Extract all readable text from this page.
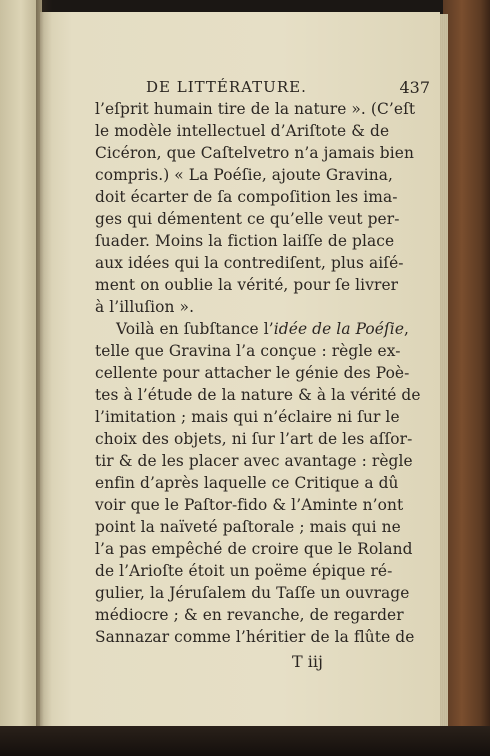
DE LITTÉRATURE.	437
l’eſprit humain tire de la nature ». (C’eſt
le modèle intellectuel d’Ariſtote & de
Cicéron, que Caſtelvetro n’a jamais bien
compris.) « La Poéſie, ajoute Gravina,
doit écarter de ſa compoſition les ima-
ges qui démentent ce qu’elle veut per-
ſuader. Moins la fiction laiſſe de place
aux idées qui la contrediſent, plus aiſé-
ment on oublie la vérité, pour ſe livrer
à l’illuſion ».
Voilà en ſubſtance l’idée de la Poéſie,
telle que Gravina l’a conçue : règle ex-
cellente pour attacher le génie des Poè-
tes à l’étude de la nature & à la vérité de
l’imitation ; mais qui n’éclaire ni ſur le
choix des objets, ni ſur l’art de les aſſor-
tir & de les placer avec avantage : règle
enfin d’après laquelle ce Critique a dû
voir que le Paſtor-fido & l’Aminte n’ont
point la naïveté paſtorale ; mais qui ne
l’a pas empêché de croire que le Roland
de l’Arioſte étoit un poëme épique ré-
gulier, la Jéruſalem du Taſſe un ouvrage
médiocre ; & en revanche, de regarder
Sannazar comme l’héritier de la flûte de
T iij
